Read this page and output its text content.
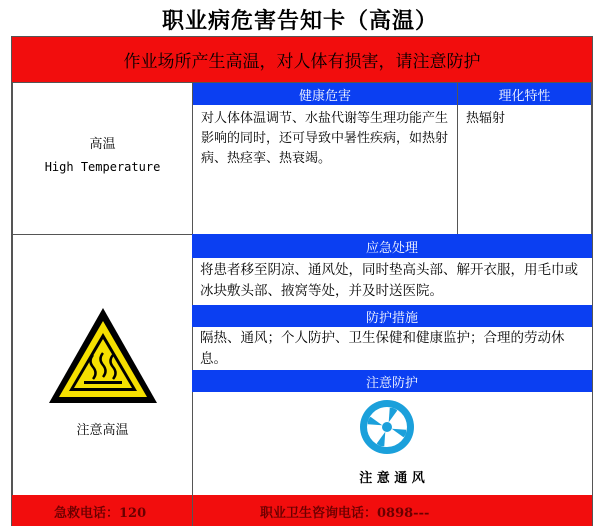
职业病危害告知卡（高温）
作业场所产生高温，对人体有损害，请注意防护
高温
High Temperature
健康危害
对人体体温调节、水盐代谢等生理功能产生影响的同时，还可导致中暑性疾病，如热射病、热痉挛、热衰竭。
理化特性
热辐射
注意高温
应急处理
将患者移至阴凉、通风处，同时垫高头部、解开衣服，用毛巾或冰块敷头部、掖窝等处，并及时送医院。
防护措施
隔热、通风；个人防护、卫生保健和健康监护；合理的劳动休息。
注意防护
注 意 通 风
急救电话：120	职业卫生咨询电话：0898---
